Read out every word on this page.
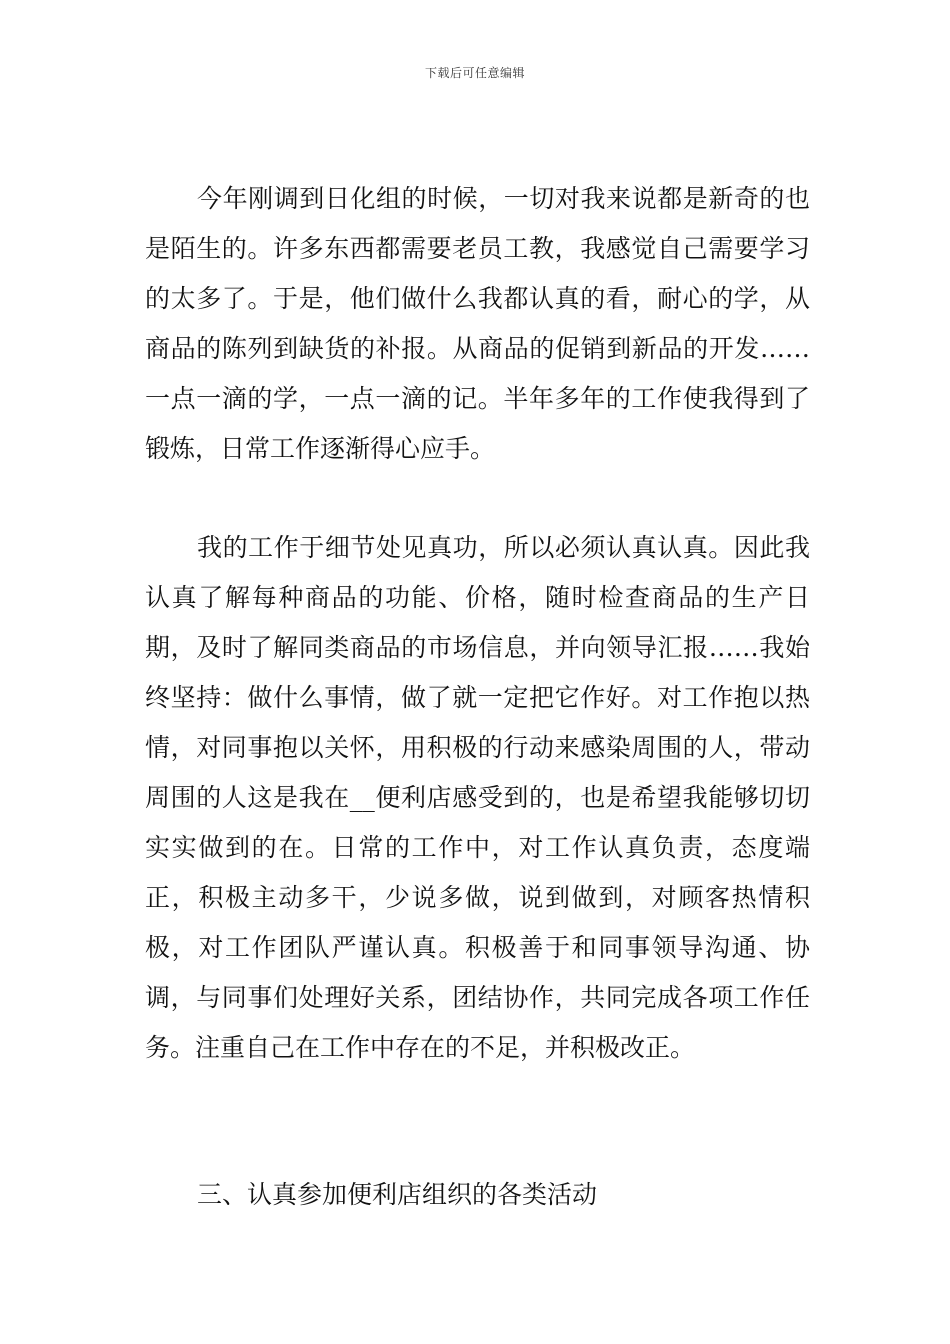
下载后可任意编辑

今年刚调到日化组的时候，一切对我来说都是新奇的也是陌生的。许多东西都需要老员工教，我感觉自己需要学习的太多了。于是，他们做什么我都认真的看，耐心的学，从商品的陈列到缺货的补报。从商品的促销到新品的开发……一点一滴的学，一点一滴的记。半年多年的工作使我得到了锻炼，日常工作逐渐得心应手。

我的工作于细节处见真功，所以必须认真认真。因此我认真了解每种商品的功能、价格，随时检查商品的生产日期，及时了解同类商品的市场信息，并向领导汇报……我始终坚持：做什么事情，做了就一定把它作好。对工作抱以热情，对同事抱以关怀，用积极的行动来感染周围的人，带动周围的人这是我在__便利店感受到的，也是希望我能够切切实实做到的在。日常的工作中，对工作认真负责，态度端正，积极主动多干，少说多做，说到做到，对顾客热情积极，对工作团队严谨认真。积极善于和同事领导沟通、协调，与同事们处理好关系，团结协作，共同完成各项工作任务。注重自己在工作中存在的不足，并积极改正。

三、认真参加便利店组织的各类活动
